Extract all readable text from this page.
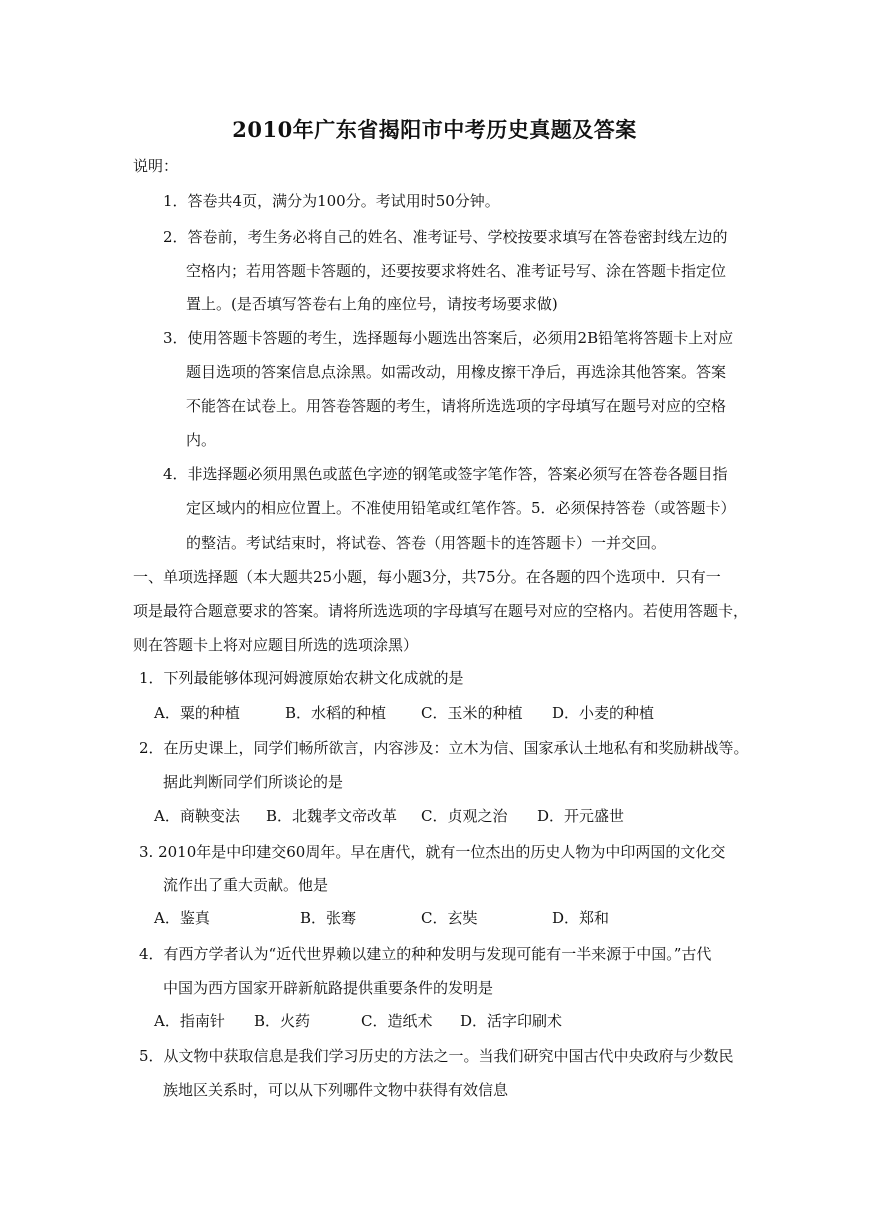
2010年广东省揭阳市中考历史真题及答案
说明：
1．答卷共4页，满分为100分。考试用时50分钟。
2．答卷前，考生务必将自己的姓名、准考证号、学校按要求填写在答卷密封线左边的
空格内；若用答题卡答题的，还要按要求将姓名、准考证号写、涂在答题卡指定位
置上。(是否填写答卷右上角的座位号，请按考场要求做)
3．使用答题卡答题的考生，选择题每小题选出答案后，必须用2B铅笔将答题卡上对应
题目选项的答案信息点涂黑。如需改动，用橡皮擦干净后，再选涂其他答案。答案
不能答在试卷上。用答卷答题的考生，请将所选选项的字母填写在题号对应的空格
内。
4．非选择题必须用黑色或蓝色字迹的钢笔或签字笔作答，答案必须写在答卷各题目指
定区域内的相应位置上。不准使用铅笔或红笔作答。5．必须保持答卷（或答题卡）
的整洁。考试结束时，将试卷、答卷（用答题卡的连答题卡）一并交回。
一、单项选择题（本大题共25小题，每小题3分，共75分。在各题的四个选项中．只有一
项是最符合题意要求的答案。请将所选选项的字母填写在题号对应的空格内。若使用答题卡，
则在答题卡上将对应题目所选的选项涂黑）
1．下列最能够体现河姆渡原始农耕文化成就的是
A．粟的种植	B．水稻的种植 C．玉米的种植 D．小麦的种植
2．在历史课上，同学们畅所欲言，内容涉及：立木为信、国家承认土地私有和奖励耕战等。
据此判断同学们所谈论的是
A．商鞅变法 B．北魏孝文帝改革 C．贞观之治 D．开元盛世
3. 2010年是中印建交60周年。早在唐代，就有一位杰出的历史人物为中印两国的文化交
流作出了重大贡献。他是
A．鉴真	B．张骞	C．玄奘	D．郑和
4．有西方学者认为“近代世界赖以建立的种种发明与发现可能有一半来源于中国。”古代
中国为西方国家开辟新航路提供重要条件的发明是
A．指南针 B．火药	C．造纸术 D．活字印刷术
5．从文物中获取信息是我们学习历史的方法之一。当我们研究中国古代中央政府与少数民
族地区关系时，可以从下列哪件文物中获得有效信息
